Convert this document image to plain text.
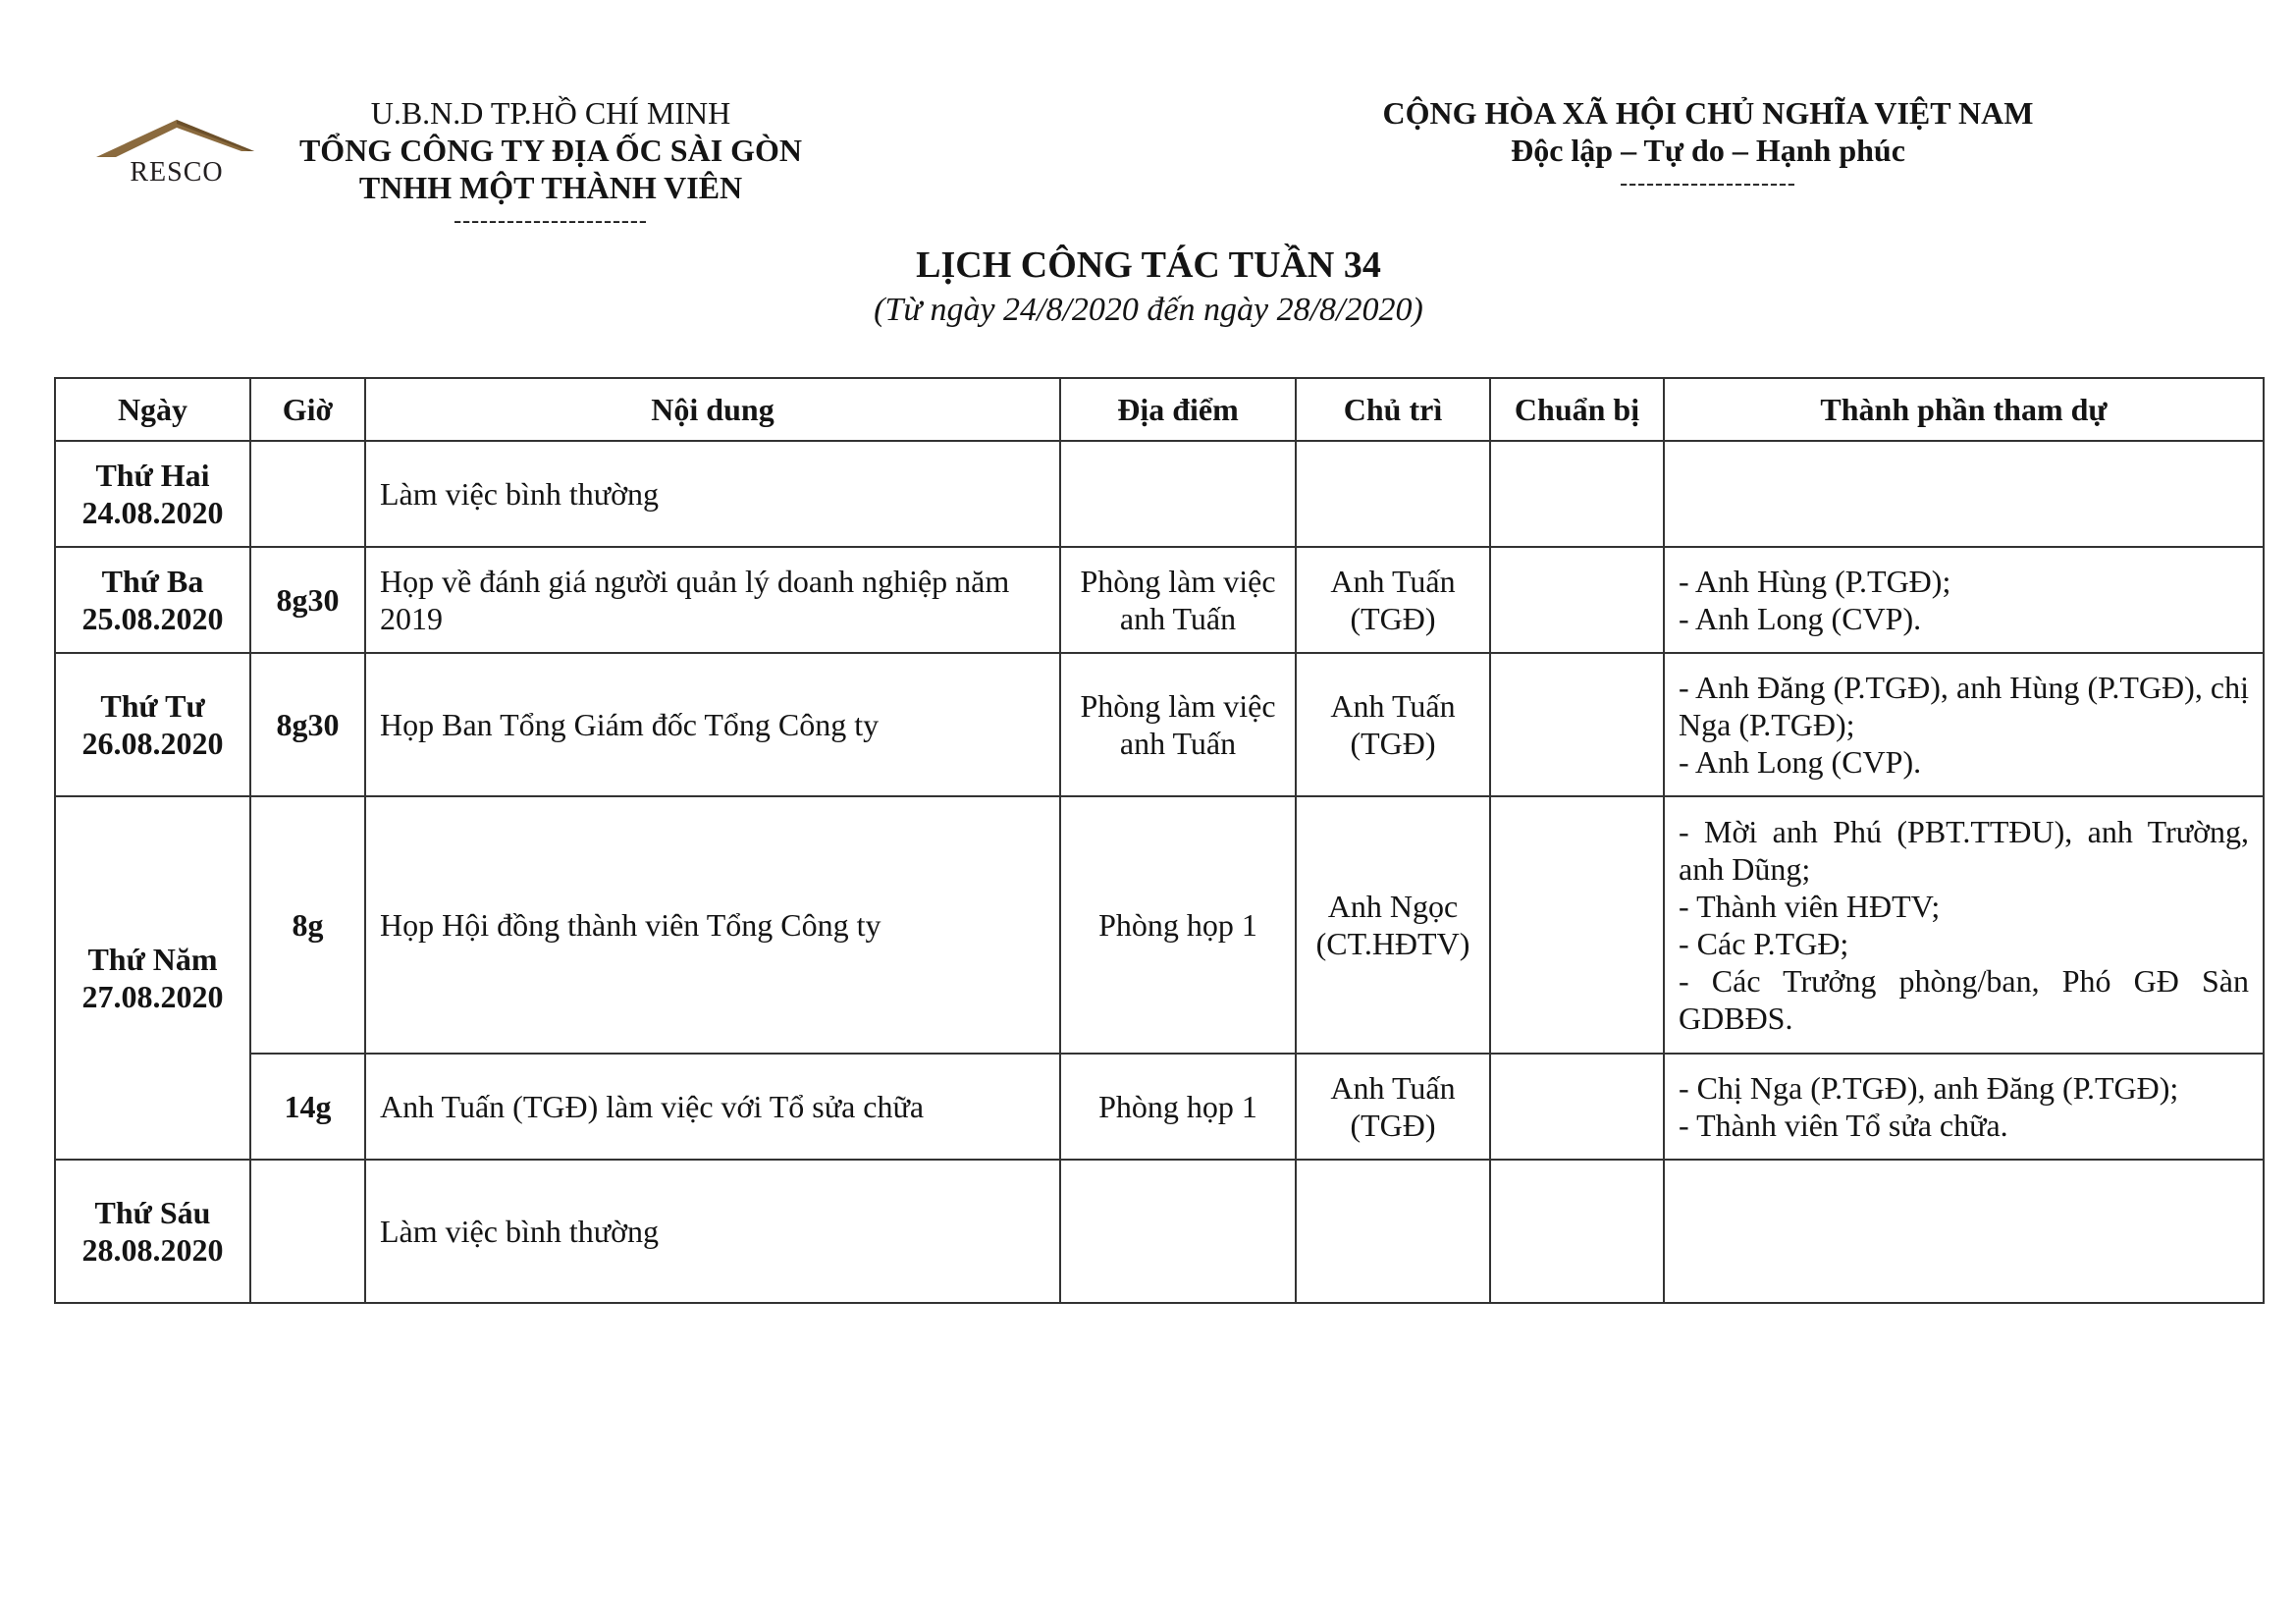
RESCO
U.B.N.D TP.HỒ CHÍ MINH
TỔNG CÔNG TY ĐỊA ỐC SÀI GÒN
TNHH MỘT THÀNH VIÊN
----------------------
CỘNG HÒA XÃ HỘI CHỦ NGHĨA VIỆT NAM
Độc lập – Tự do – Hạnh phúc
--------------------
LỊCH CÔNG TÁC TUẦN 34
(Từ ngày 24/8/2020 đến ngày 28/8/2020)
Ngày	Giờ	Nội dung	Địa điểm	Chủ trì	Chuẩn bị	Thành phần tham dự

Thứ Hai
24.08.2020		Làm việc bình thường				

Thứ Ba
25.08.2020	8g30	Họp về đánh giá người quản lý doanh nghiệp năm 2019	Phòng làm việc anh Tuấn	Anh Tuấn (TGĐ)		- Anh Hùng (P.TGĐ);
- Anh Long (CVP).

Thứ Tư
26.08.2020	8g30	Họp Ban Tổng Giám đốc Tổng Công ty	Phòng làm việc anh Tuấn	Anh Tuấn (TGĐ)		- Anh Đăng (P.TGĐ), anh Hùng (P.TGĐ), chị Nga (P.TGĐ);
- Anh Long (CVP).

Thứ Năm
27.08.2020	8g	Họp Hội đồng thành viên Tổng Công ty	Phòng họp 1	Anh Ngọc (CT.HĐTV)		- Mời anh Phú (PBT.TTĐU), anh Trường, anh Dũng;
- Thành viên HĐTV;
- Các P.TGĐ;
- Các Trưởng phòng/ban, Phó GĐ Sàn GDBĐS.

	14g	Anh Tuấn (TGĐ) làm việc với Tổ sửa chữa	Phòng họp 1	Anh Tuấn (TGĐ)		- Chị Nga (P.TGĐ), anh Đăng (P.TGĐ);
- Thành viên Tổ sửa chữa.

Thứ Sáu
28.08.2020		Làm việc bình thường				
